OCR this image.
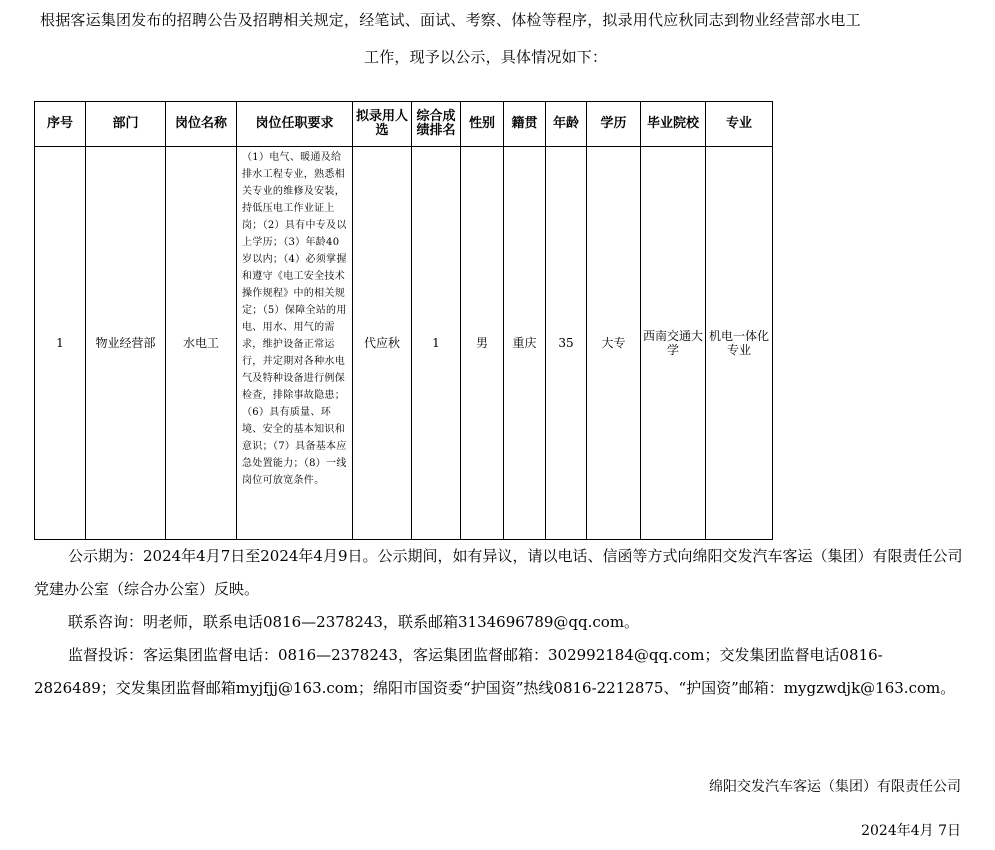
根据客运集团发布的招聘公告及招聘相关规定，经笔试、面试、考察、体检等程序，拟录用代应秋同志到物业经营部水电工
工作，现予以公示，具体情况如下：
序号	部门	岗位名称	岗位任职要求	拟录用人选	综合成绩排名	性别	籍贯	年龄	学历	毕业院校	专业
1	物业经营部	水电工	（1）电气、暖通及给排水工程专业，熟悉相关专业的维修及安装，持低压电工作业证上岗；（2）具有中专及以上学历；（3）年龄40岁以内；（4）必须掌握和遵守《电工安全技术操作规程》中的相关规定；（5）保障全站的用电、用水、用气的需求，维护设备正常运行，并定期对各种水电气及特种设备进行例保检查，排除事故隐患；（6）具有质量、环境、安全的基本知识和意识；（7）具备基本应急处置能力；（8）一线岗位可放宽条件。	代应秋	1	男	重庆	35	大专	西南交通大学	机电一体化专业

公示期为：2024年4月7日至2024年4月9日。公示期间，如有异议，请以电话、信函等方式向绵阳交发汽车客运（集团）有限责任公司党建办公室（综合办公室）反映。

联系咨询：明老师，联系电话0816—2378243，联系邮箱3134696789@qq.com。

监督投诉：客运集团监督电话：0816—2378243，客运集团监督邮箱：302992184@qq.com；交发集团监督电话0816-2826489；交发集团监督邮箱myjfjj@163.com；绵阳市国资委“护国资”热线0816-2212875、“护国资”邮箱：mygzwdjk@163.com。

绵阳交发汽车客运（集团）有限责任公司
2024年4月 7日
